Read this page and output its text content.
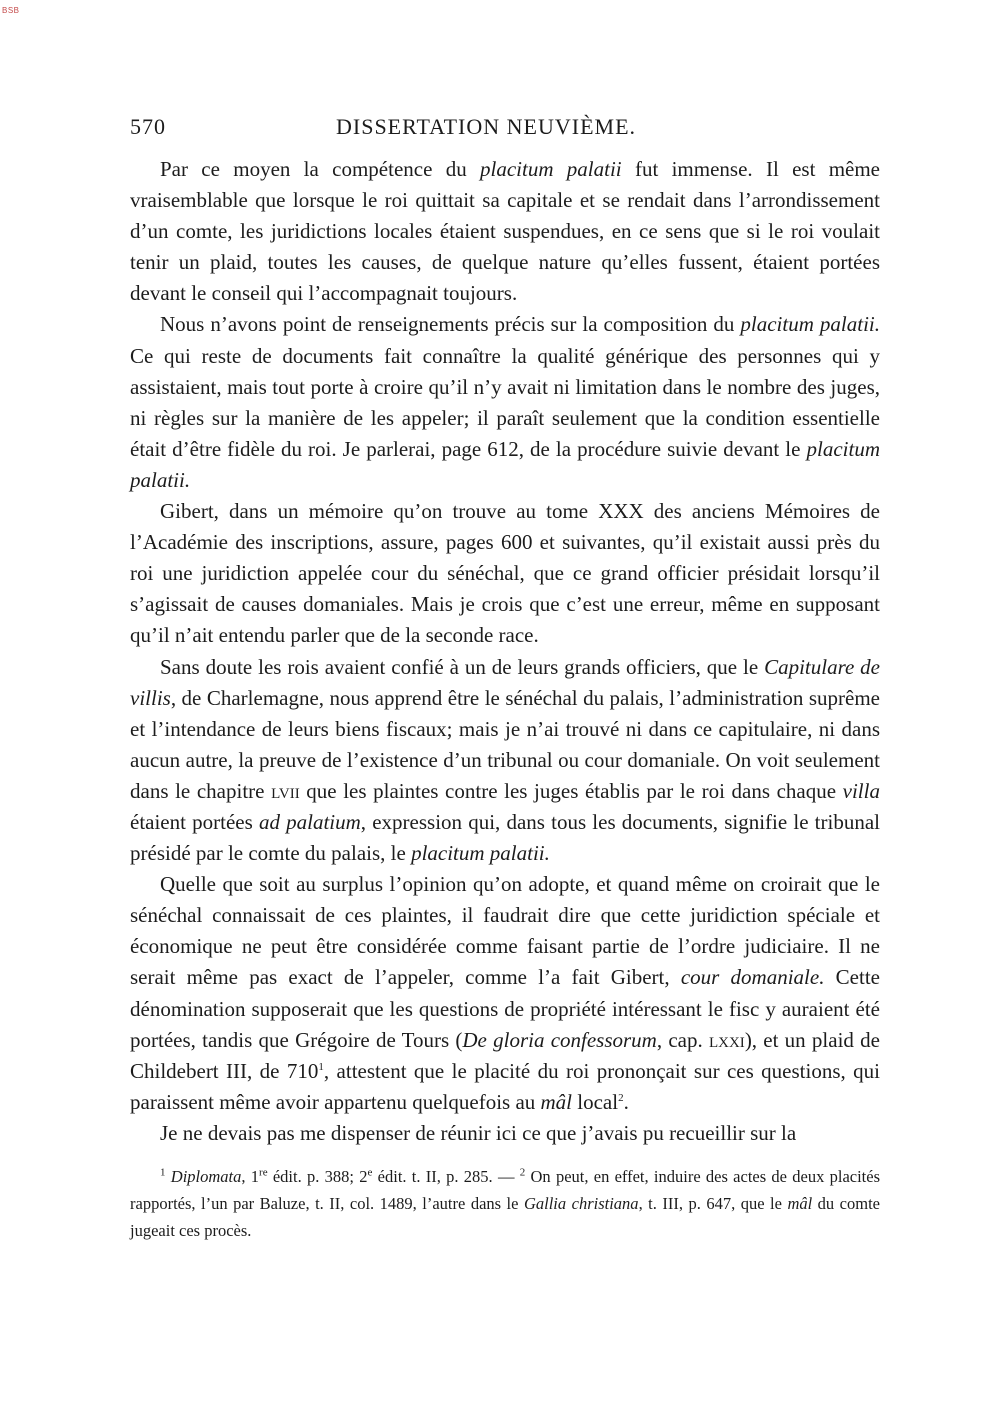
BSB
570	DISSERTATION NEUVIÈME.

Par ce moyen la compétence du placitum palatii fut immense. Il est même vraisemblable que lorsque le roi quittait sa capitale et se rendait dans l’arrondissement d’un comte, les juridictions locales étaient suspendues, en ce sens que si le roi voulait tenir un plaid, toutes les causes, de quelque nature qu’elles fussent, étaient portées devant le conseil qui l’accompagnait toujours.

Nous n’avons point de renseignements précis sur la composition du placitum palatii. Ce qui reste de documents fait connaître la qualité générique des personnes qui y assistaient, mais tout porte à croire qu’il n’y avait ni limitation dans le nombre des juges, ni règles sur la manière de les appeler; il paraît seulement que la condition essentielle était d’être fidèle du roi. Je parlerai, page 612, de la procédure suivie devant le placitum palatii.

Gibert, dans un mémoire qu’on trouve au tome XXX des anciens Mémoires de l’Académie des inscriptions, assure, pages 600 et suivantes, qu’il existait aussi près du roi une juridiction appelée cour du sénéchal, que ce grand officier présidait lorsqu’il s’agissait de causes domaniales. Mais je crois que c’est une erreur, même en supposant qu’il n’ait entendu parler que de la seconde race.

Sans doute les rois avaient confié à un de leurs grands officiers, que le Capitulare de villis, de Charlemagne, nous apprend être le sénéchal du palais, l’administration suprême et l’intendance de leurs biens fiscaux; mais je n’ai trouvé ni dans ce capitulaire, ni dans aucun autre, la preuve de l’existence d’un tribunal ou cour domaniale. On voit seulement dans le chapitre lvii que les plaintes contre les juges établis par le roi dans chaque villa étaient portées ad palatium, expression qui, dans tous les documents, signifie le tribunal présidé par le comte du palais, le placitum palatii.

Quelle que soit au surplus l’opinion qu’on adopte, et quand même on croirait que le sénéchal connaissait de ces plaintes, il faudrait dire que cette juridiction spéciale et économique ne peut être considérée comme faisant partie de l’ordre judiciaire. Il ne serait même pas exact de l’appeler, comme l’a fait Gibert, cour domaniale. Cette dénomination supposerait que les questions de propriété intéressant le fisc y auraient été portées, tandis que Grégoire de Tours (De gloria confessorum, cap. lxxi), et un plaid de Childebert III, de $710^1$, attestent que le placité du roi prononçait sur ces questions, qui paraissent même avoir appartenu quelquefois au mâl local$^2$.

Je ne devais pas me dispenser de réunir ici ce que j’avais pu recueillir sur la

$^1$ Diplomata, 1re édit. p. 388; 2e édit. t. II, p. 285. — $^2$ On peut, en effet, induire des actes de deux placités rapportés, l’un par Baluze, t. II, col. 1489, l’autre dans le Gallia christiana, t. III, p. 647, que le mâl du comte jugeait ces procès.
